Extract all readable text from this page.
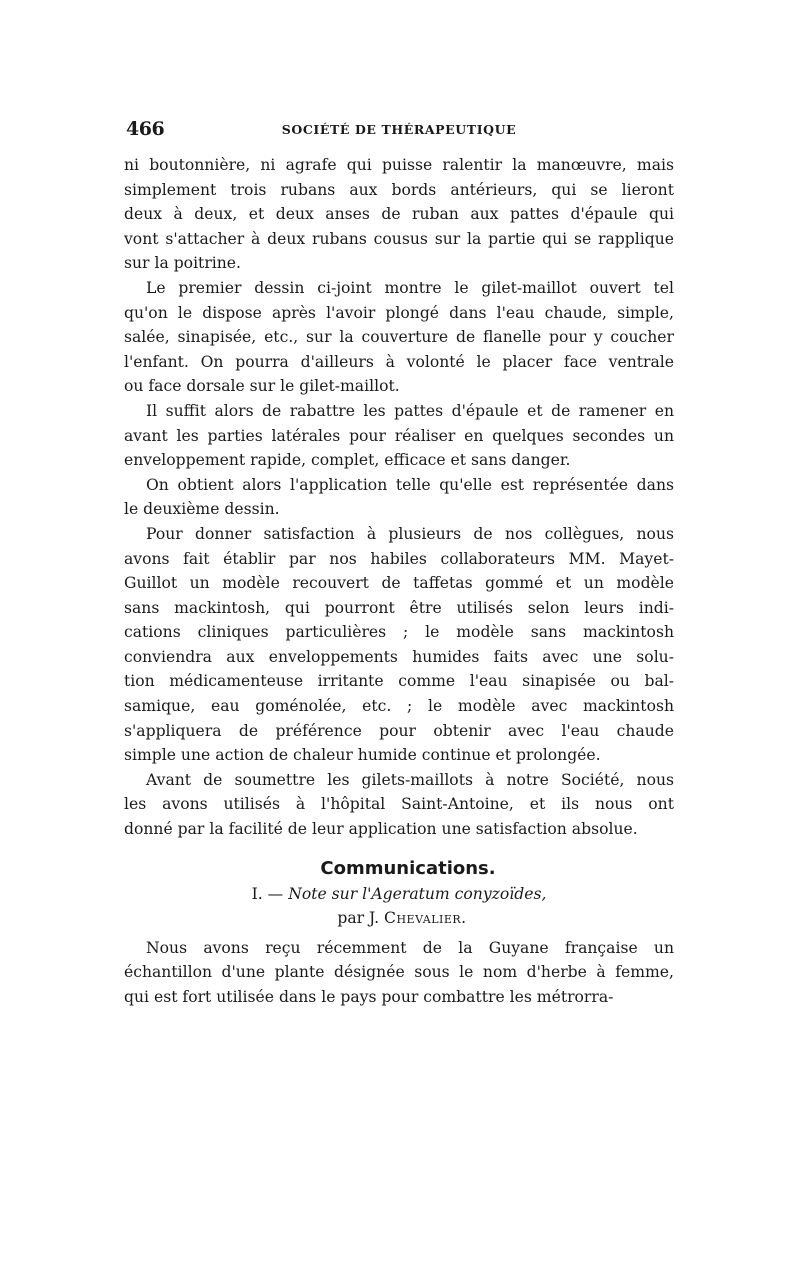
466	SOCIÉTÉ DE THÉRAPEUTIQUE
ni boutonnière, ni agrafe qui puisse ralentir la manœuvre, mais
simplement trois rubans aux bords antérieurs, qui se lieront
deux à deux, et deux anses de ruban aux pattes d'épaule qui
vont s'attacher à deux rubans cousus sur la partie qui se rapplique
sur la poitrine.
Le premier dessin ci-joint montre le gilet-maillot ouvert tel
qu'on le dispose après l'avoir plongé dans l'eau chaude, simple,
salée, sinapisée, etc., sur la couverture de flanelle pour y coucher
l'enfant. On pourra d'ailleurs à volonté le placer face ventrale
ou face dorsale sur le gilet-maillot.
Il suffit alors de rabattre les pattes d'épaule et de ramener en
avant les parties latérales pour réaliser en quelques secondes un
enveloppement rapide, complet, efficace et sans danger.
On obtient alors l'application telle qu'elle est représentée dans
le deuxième dessin.
Pour donner satisfaction à plusieurs de nos collègues, nous
avons fait établir par nos habiles collaborateurs MM. Mayet-
Guillot un modèle recouvert de taffetas gommé et un modèle
sans mackintosh, qui pourront être utilisés selon leurs indi-
cations cliniques particulières ; le modèle sans mackintosh
conviendra aux enveloppements humides faits avec une solu-
tion médicamenteuse irritante comme l'eau sinapisée ou bal-
samique, eau goménolée, etc. ; le modèle avec mackintosh
s'appliquera de préférence pour obtenir avec l'eau chaude
simple une action de chaleur humide continue et prolongée.
Avant de soumettre les gilets-maillots à notre Société, nous
les avons utilisés à l'hôpital Saint-Antoine, et ils nous ont
donné par la facilité de leur application une satisfaction absolue.
Communications.
I. — Note sur l'Ageratum conyzoïdes,
par J. Chevalier.
Nous avons reçu récemment de la Guyane française un
échantillon d'une plante désignée sous le nom d'herbe à femme,
qui est fort utilisée dans le pays pour combattre les métrorra-
